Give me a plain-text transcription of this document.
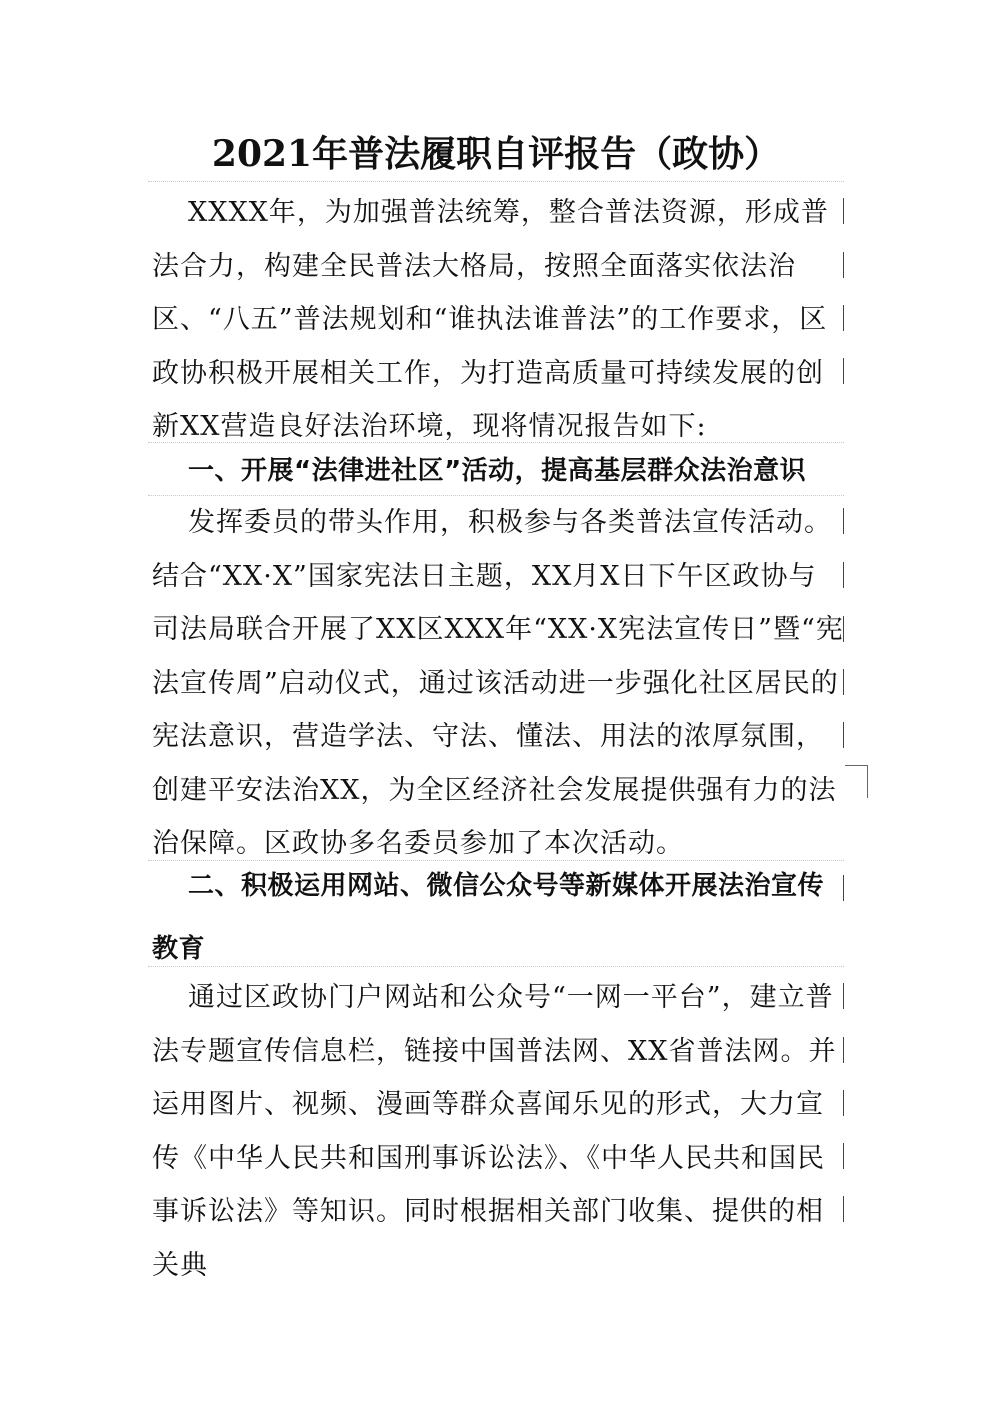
2021年普法履职自评报告（政协）

XXXX年，为加强普法统筹，整合普法资源，形成普法合力，构建全民普法大格局，按照全面落实依法治区、“八五”普法规划和“谁执法谁普法”的工作要求，区政协积极开展相关工作，为打造高质量可持续发展的创新XX营造良好法治环境，现将情况报告如下:

一、开展“法律进社区”活动，提高基层群众法治意识

发挥委员的带头作用，积极参与各类普法宣传活动。结合“XX·X”国家宪法日主题，XX月X日下午区政协与司法局联合开展了XX区XXX年“XX·X宪法宣传日”暨“宪法宣传周”启动仪式，通过该活动进一步强化社区居民的宪法意识，营造学法、守法、懂法、用法的浓厚氛围，创建平安法治XX，为全区经济社会发展提供强有力的法治保障。区政协多名委员参加了本次活动。

二、积极运用网站、微信公众号等新媒体开展法治宣传教育

通过区政协门户网站和公众号“一网一平台”，建立普法专题宣传信息栏，链接中国普法网、XX省普法网。并运用图片、视频、漫画等群众喜闻乐见的形式，大力宣传《中华人民共和国刑事诉讼法》、《中华人民共和国民事诉讼法》等知识。同时根据相关部门收集、提供的相关典
